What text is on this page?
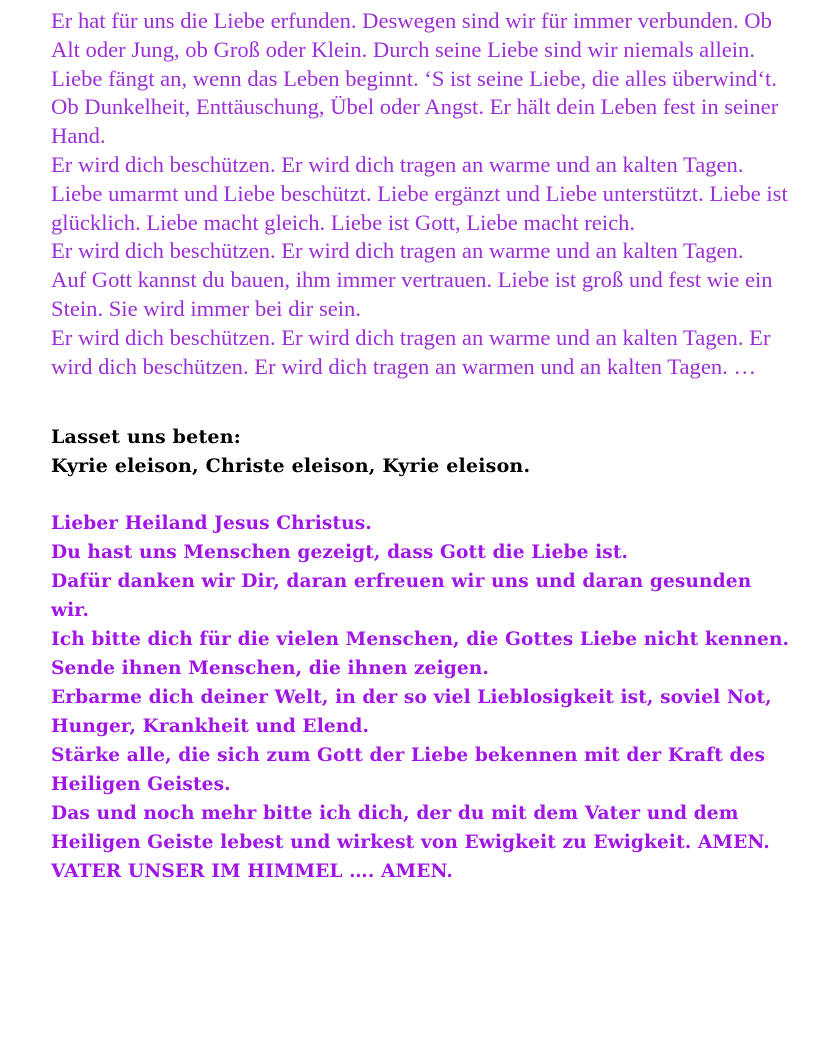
Er hat für uns die Liebe erfunden. Deswegen sind wir für immer verbunden. Ob Alt oder Jung, ob Groß oder Klein. Durch seine Liebe sind wir niemals allein.

Liebe fängt an, wenn das Leben beginnt. ‘S ist seine Liebe, die alles überwind‘t. Ob Dunkelheit, Enttäuschung, Übel oder Angst. Er hält dein Leben fest in seiner Hand.

Er wird dich beschützen. Er wird dich tragen an warme und an kalten Tagen.

Liebe umarmt und Liebe beschützt. Liebe ergänzt und Liebe unterstützt. Liebe ist glücklich. Liebe macht gleich. Liebe ist Gott, Liebe macht reich.

Er wird dich beschützen. Er wird dich tragen an warme und an kalten Tagen.

Auf Gott kannst du bauen, ihm immer vertrauen. Liebe ist groß und fest wie ein Stein. Sie wird immer bei dir sein.

Er wird dich beschützen. Er wird dich tragen an warme und an kalten Tagen. Er wird dich beschützen. Er wird dich tragen an warmen und an kalten Tagen. …

Lasset uns beten:

Kyrie eleison, Christe eleison, Kyrie eleison.

Lieber Heiland Jesus Christus.

Du hast uns Menschen gezeigt, dass Gott die Liebe ist.

Dafür danken wir Dir, daran erfreuen wir uns und daran gesunden wir.

Ich bitte dich für die vielen Menschen, die Gottes Liebe nicht kennen. Sende ihnen Menschen, die ihnen zeigen.

Erbarme dich deiner Welt, in der so viel Lieblosigkeit ist, soviel Not, Hunger, Krankheit und Elend.

Stärke alle, die sich zum Gott der Liebe bekennen mit der Kraft des Heiligen Geistes.

Das und noch mehr bitte ich dich, der du mit dem Vater und dem Heiligen Geiste lebest und wirkest von Ewigkeit zu Ewigkeit. AMEN.

VATER UNSER IM HIMMEL …. AMEN.
